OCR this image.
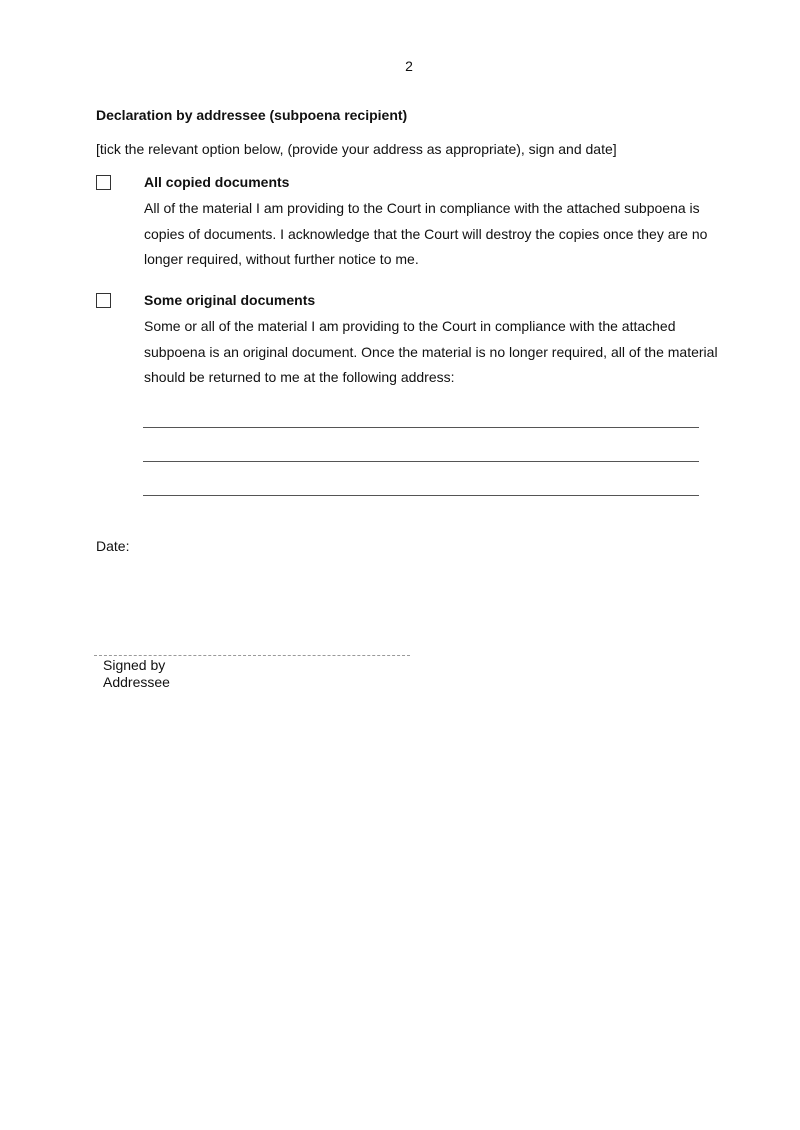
2
Declaration by addressee (subpoena recipient)
[tick the relevant option below, (provide your address as appropriate), sign and date]
All copied documents
All of the material I am providing to the Court in compliance with the attached subpoena is copies of documents. I acknowledge that the Court will destroy the copies once they are no longer required, without further notice to me.
Some original documents
Some or all of the material I am providing to the Court in compliance with the attached subpoena is an original document. Once the material is no longer required, all of the material should be returned to me at the following address:
Date:
Signed by
Addressee
